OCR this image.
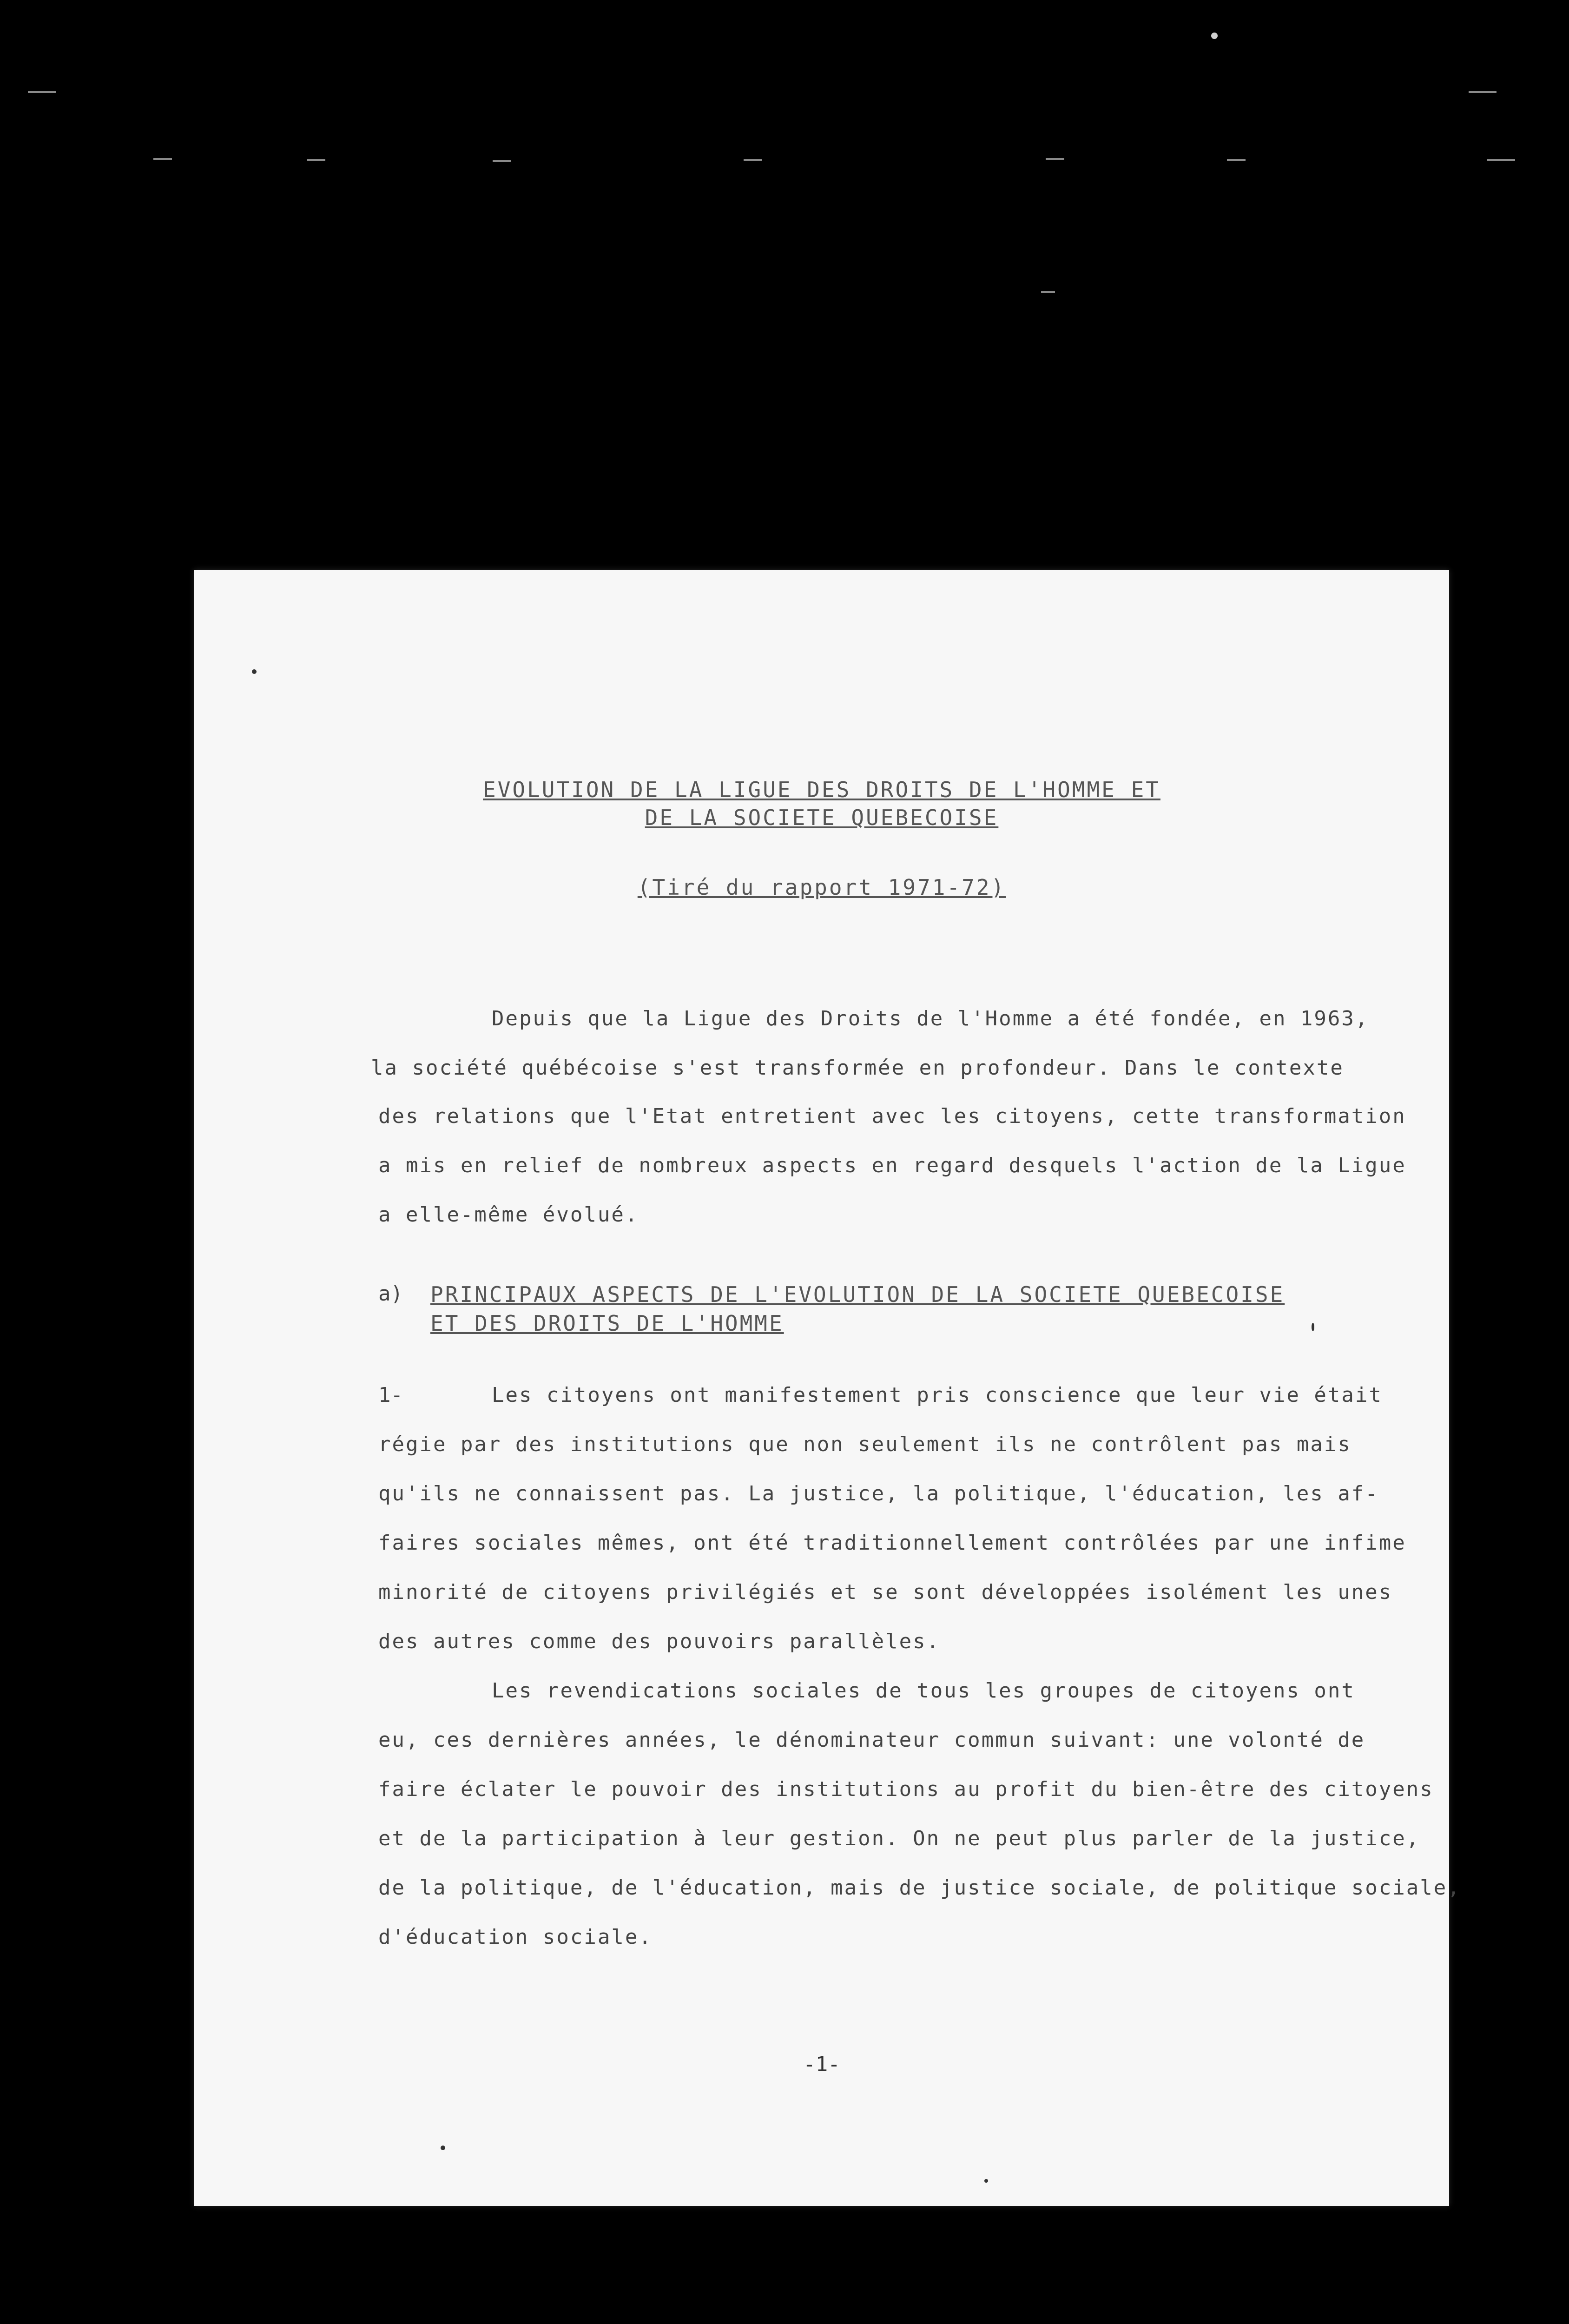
EVOLUTION DE LA LIGUE DES DROITS DE L'HOMME ET
DE LA SOCIETE QUEBECOISE
(Tiré du rapport 1971-72)
Depuis que la Ligue des Droits de l'Homme a été fondée, en 1963,
la société québécoise s'est transformée en profondeur. Dans le contexte
des relations que l'Etat entretient avec les citoyens, cette transformation
a mis en relief de nombreux aspects en regard desquels l'action de la Ligue
a elle-même évolué.
a) PRINCIPAUX ASPECTS DE L'EVOLUTION DE LA SOCIETE QUEBECOISE
ET DES DROITS DE L'HOMME
1-	Les citoyens ont manifestement pris conscience que leur vie était
régie par des institutions que non seulement ils ne contrôlent pas mais
qu'ils ne connaissent pas. La justice, la politique, l'éducation, les af-
faires sociales mêmes, ont été traditionnellement contrôlées par une infime
minorité de citoyens privilégiés et se sont développées isolément les unes
des autres comme des pouvoirs parallèles.
Les revendications sociales de tous les groupes de citoyens ont
eu, ces dernières années, le dénominateur commun suivant: une volonté de
faire éclater le pouvoir des institutions au profit du bien-être des citoyens
et de la participation à leur gestion. On ne peut plus parler de la justice,
de la politique, de l'éducation, mais de justice sociale, de politique sociale,
d'éducation sociale.
-1-
